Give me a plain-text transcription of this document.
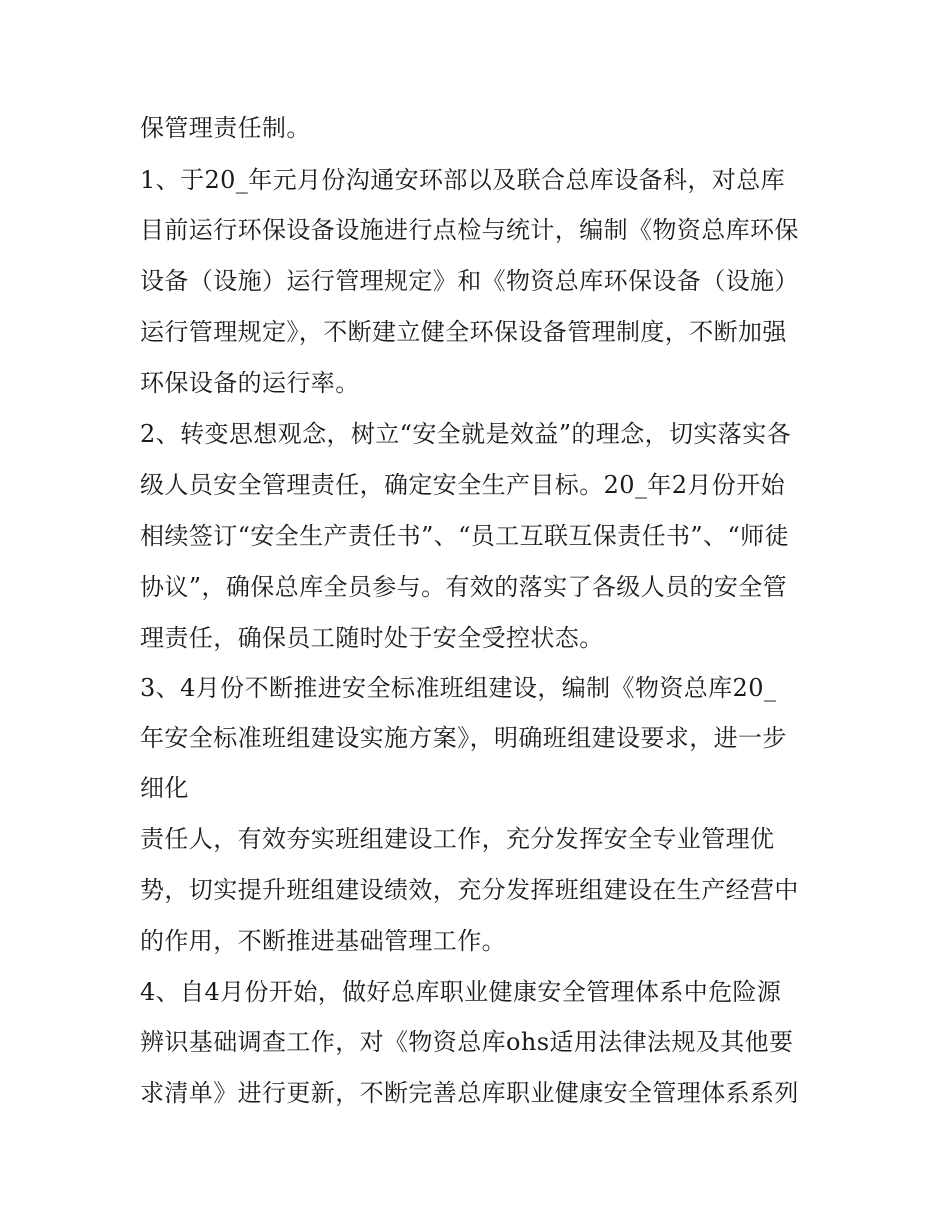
保管理责任制。
1、于20_年元月份沟通安环部以及联合总库设备科，对总库
目前运行环保设备设施进行点检与统计，编制《物资总库环保
设备（设施）运行管理规定》和《物资总库环保设备（设施）
运行管理规定》，不断建立健全环保设备管理制度，不断加强
环保设备的运行率。
2、转变思想观念，树立“安全就是效益”的理念，切实落实各
级人员安全管理责任，确定安全生产目标。20_年2月份开始
相续签订“安全生产责任书”、“员工互联互保责任书”、“师徒
协议”，确保总库全员参与。有效的落实了各级人员的安全管
理责任，确保员工随时处于安全受控状态。
3、4月份不断推进安全标准班组建设，编制《物资总库20_
年安全标准班组建设实施方案》，明确班组建设要求，进一步
细化
责任人，有效夯实班组建设工作，充分发挥安全专业管理优
势，切实提升班组建设绩效，充分发挥班组建设在生产经营中
的作用，不断推进基础管理工作。
4、自4月份开始，做好总库职业健康安全管理体系中危险源
辨识基础调查工作，对《物资总库ohs适用法律法规及其他要
求清单》进行更新，不断完善总库职业健康安全管理体系系列
